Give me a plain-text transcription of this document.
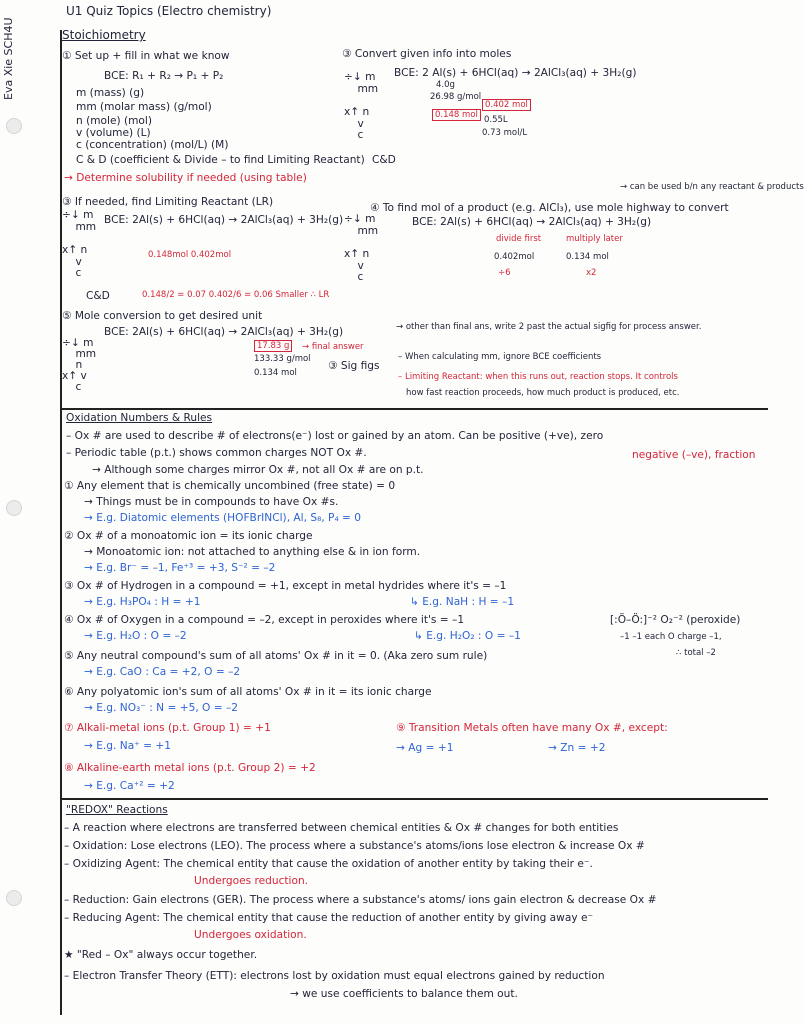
Eva Xie SCH4U
U1 Quiz Topics (Electro chemistry)
Stoichiometry
① Set up + fill in what we know
BCE: R₁ + R₂ → P₁ + P₂
m (mass) (g)
mm (molar mass) (g/mol)
n (mole) (mol)
v (volume) (L)
c (concentration) (mol/L) (M)
C & D (coefficient & Divide – to find Limiting Reactant)
→ Determine solubility if needed (using table)
③ Convert given info into moles
BCE: 2 Al(s) + 6HCl(aq) → 2AlCl₃(aq) + 3H₂(g)
4.0g
26.98 g/mol
0.148 mol
0.402 mol
0.55L
0.73 mol/L
C&D
÷↓ m
mm

x↑ n
v
c
③ If needed, find Limiting Reactant (LR)
BCE: 2Al(s) + 6HCl(aq) → 2AlCl₃(aq) + 3H₂(g)
÷↓ m
mm

x↑ n
v
c
0.148mol 0.402mol
C&D	0.148/2 = 0.07 0.402/6 = 0.06 Smaller ∴ LR
→ can be used b/n any reactant & products
④ To find mol of a product (e.g. AlCl₃), use mole highway to convert
BCE: 2Al(s) + 6HCl(aq) → 2AlCl₃(aq) + 3H₂(g)
÷↓ m
mm

x↑ n
v
c
divide first	multiply later
0.402mol	0.134 mol
÷6	x2
⑤ Mole conversion to get desired unit
BCE: 2Al(s) + 6HCl(aq) → 2AlCl₃(aq) + 3H₂(g)
÷↓ m
mm
n
x↑ v
c
17.83 g	→ final answer
133.33 g/mol
0.134 mol
③ Sig figs
→ other than final ans, write 2 past the actual sigfig for process answer.
– When calculating mm, ignore BCE coefficients
– Limiting Reactant: when this runs out, reaction stops. It controls
how fast reaction proceeds, how much product is produced, etc.
Oxidation Numbers & Rules
– Ox # are used to describe # of electrons(e⁻) lost or gained by an atom. Can be positive (+ve), zero
– Periodic table (p.t.) shows common charges NOT Ox #.	negative (–ve), fraction
→ Although some charges mirror Ox #, not all Ox # are on p.t.
① Any element that is chemically uncombined (free state) = 0
→ Things must be in compounds to have Ox #s.
→ E.g. Diatomic elements (HOFBrINCl), Al, S₈, P₄ = 0
② Ox # of a monoatomic ion = its ionic charge
→ Monoatomic ion: not attached to anything else & in ion form.
→ E.g. Br⁻ = –1, Fe⁺³ = +3, S⁻² = –2
③ Ox # of Hydrogen in a compound = +1, except in metal hydrides where it's = –1
→ E.g. H₃PO₄ : H = +1	↳ E.g. NaH : H = –1
④ Ox # of Oxygen in a compound = –2, except in peroxides where it's = –1
→ E.g. H₂O : O = –2	↳ E.g. H₂O₂ : O = –1
[:Ö–Ö:]⁻² O₂⁻² (peroxide)
–1 –1 each O charge –1,
∴ total –2
⑤ Any neutral compound's sum of all atoms' Ox # in it = 0. (Aka zero sum rule)
→ E.g. CaO : Ca = +2, O = –2
⑥ Any polyatomic ion's sum of all atoms' Ox # in it = its ionic charge
→ E.g. NO₃⁻ : N = +5, O = –2
⑦ Alkali-metal ions (p.t. Group 1) = +1
→ E.g. Na⁺ = +1
⑨ Transition Metals often have many Ox #, except:
→ Ag = +1	→ Zn = +2
⑧ Alkaline-earth metal ions (p.t. Group 2) = +2
→ E.g. Ca⁺² = +2
"REDOX" Reactions
– A reaction where electrons are transferred between chemical entities & Ox # changes for both entities
– Oxidation: Lose electrons (LEO). The process where a substance's atoms/ions lose electron & increase Ox #
– Oxidizing Agent: The chemical entity that cause the oxidation of another entity by taking their e⁻.
Undergoes reduction.
– Reduction: Gain electrons (GER). The process where a substance's atoms/ ions gain electron & decrease Ox #
– Reducing Agent: The chemical entity that cause the reduction of another entity by giving away e⁻
Undergoes oxidation.
★ "Red – Ox" always occur together.
– Electron Transfer Theory (ETT): electrons lost by oxidation must equal electrons gained by reduction
→ we use coefficients to balance them out.
